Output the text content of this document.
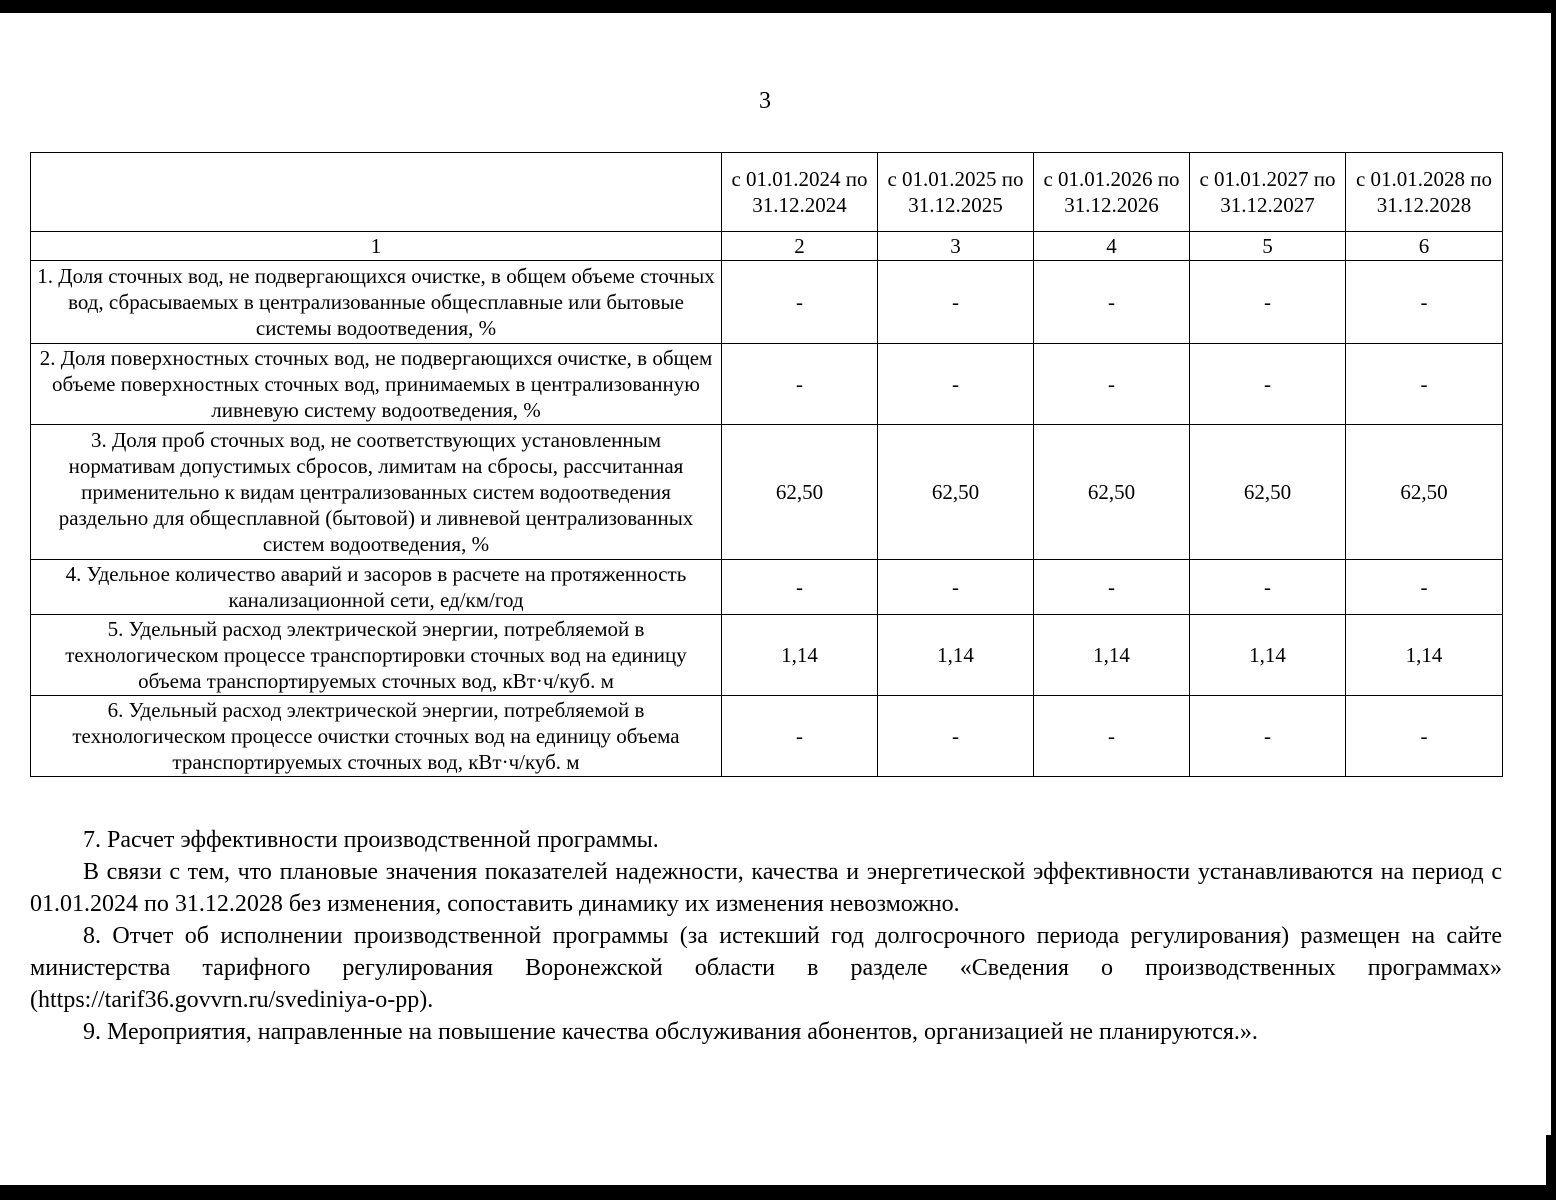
3
	с 01.01.2024 по 31.12.2024	с 01.01.2025 по 31.12.2025	с 01.01.2026 по 31.12.2026	с 01.01.2027 по 31.12.2027	с 01.01.2028 по 31.12.2028
1	2	3	4	5	6
1. Доля сточных вод, не подвергающихся очистке, в общем объеме сточных вод, сбрасываемых в централизованные общесплавные или бытовые системы водоотведения, %	-	-	-	-	-
2. Доля поверхностных сточных вод, не подвергающихся очистке, в общем объеме поверхностных сточных вод, принимаемых в централизованную ливневую систему водоотведения, %	-	-	-	-	-
3. Доля проб сточных вод, не соответствующих установленным нормативам допустимых сбросов, лимитам на сбросы, рассчитанная применительно к видам централизованных систем водоотведения раздельно для общесплавной (бытовой) и ливневой централизованных систем водоотведения, %	62,50	62,50	62,50	62,50	62,50
4. Удельное количество аварий и засоров в расчете на протяженность канализационной сети, ед/км/год	-	-	-	-	-
5. Удельный расход электрической энергии, потребляемой в технологическом процессе транспортировки сточных вод на единицу объема транспортируемых сточных вод, кВт·ч/куб. м	1,14	1,14	1,14	1,14	1,14
6. Удельный расход электрической энергии, потребляемой в технологическом процессе очистки сточных вод на единицу объема транспортируемых сточных вод, кВт·ч/куб. м	-	-	-	-	-

7. Расчет эффективности производственной программы.

В связи с тем, что плановые значения показателей надежности, качества и энергетической эффективности устанавливаются на период с 01.01.2024 по 31.12.2028 без изменения, сопоставить динамику их изменения невозможно.

8. Отчет об исполнении производственной программы (за истекший год долгосрочного периода регулирования) размещен на сайте министерства тарифного регулирования Воронежской области в разделе «Сведения о производственных программах» (https://tarif36.govvrn.ru/svediniya-o-pp).

9. Мероприятия, направленные на повышение качества обслуживания абонентов, организацией не планируются.».
